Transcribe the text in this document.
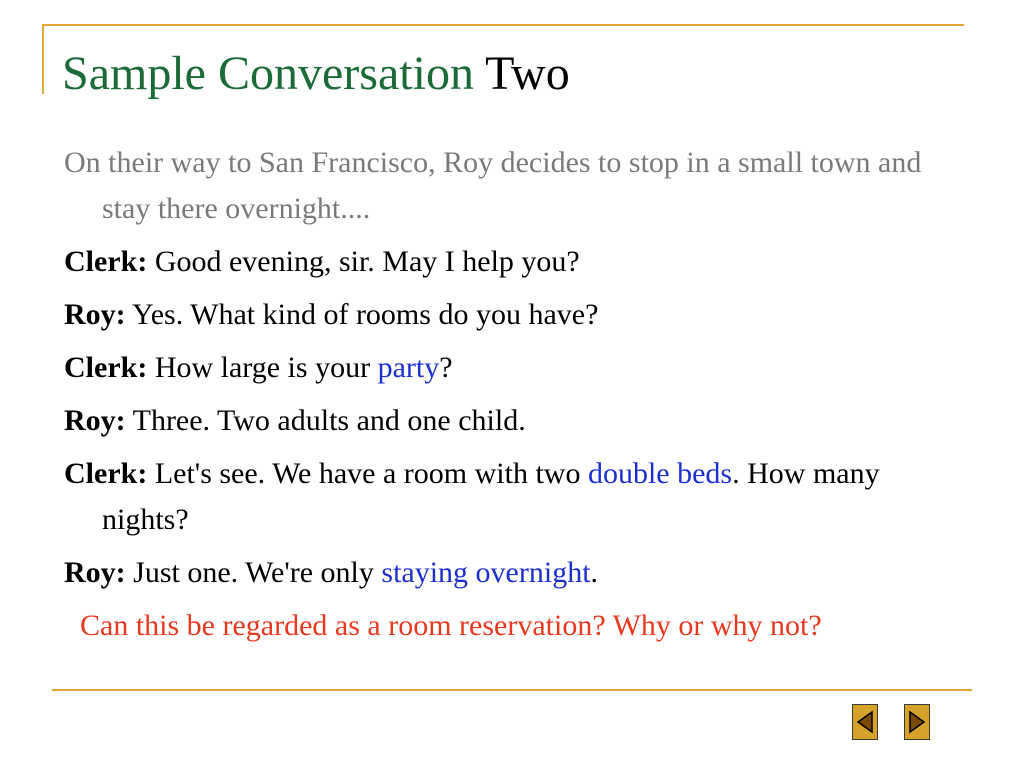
Sample Conversation Two

On their way to San Francisco, Roy decides to stop in a small town and stay there overnight....

Clerk: Good evening, sir. May I help you?

Roy: Yes. What kind of rooms do you have?

Clerk: How large is your party?

Roy: Three. Two adults and one child.

Clerk: Let's see. We have a room with two double beds. How many nights?

Roy: Just one. We're only staying overnight.

Can this be regarded as a room reservation? Why or why not?
